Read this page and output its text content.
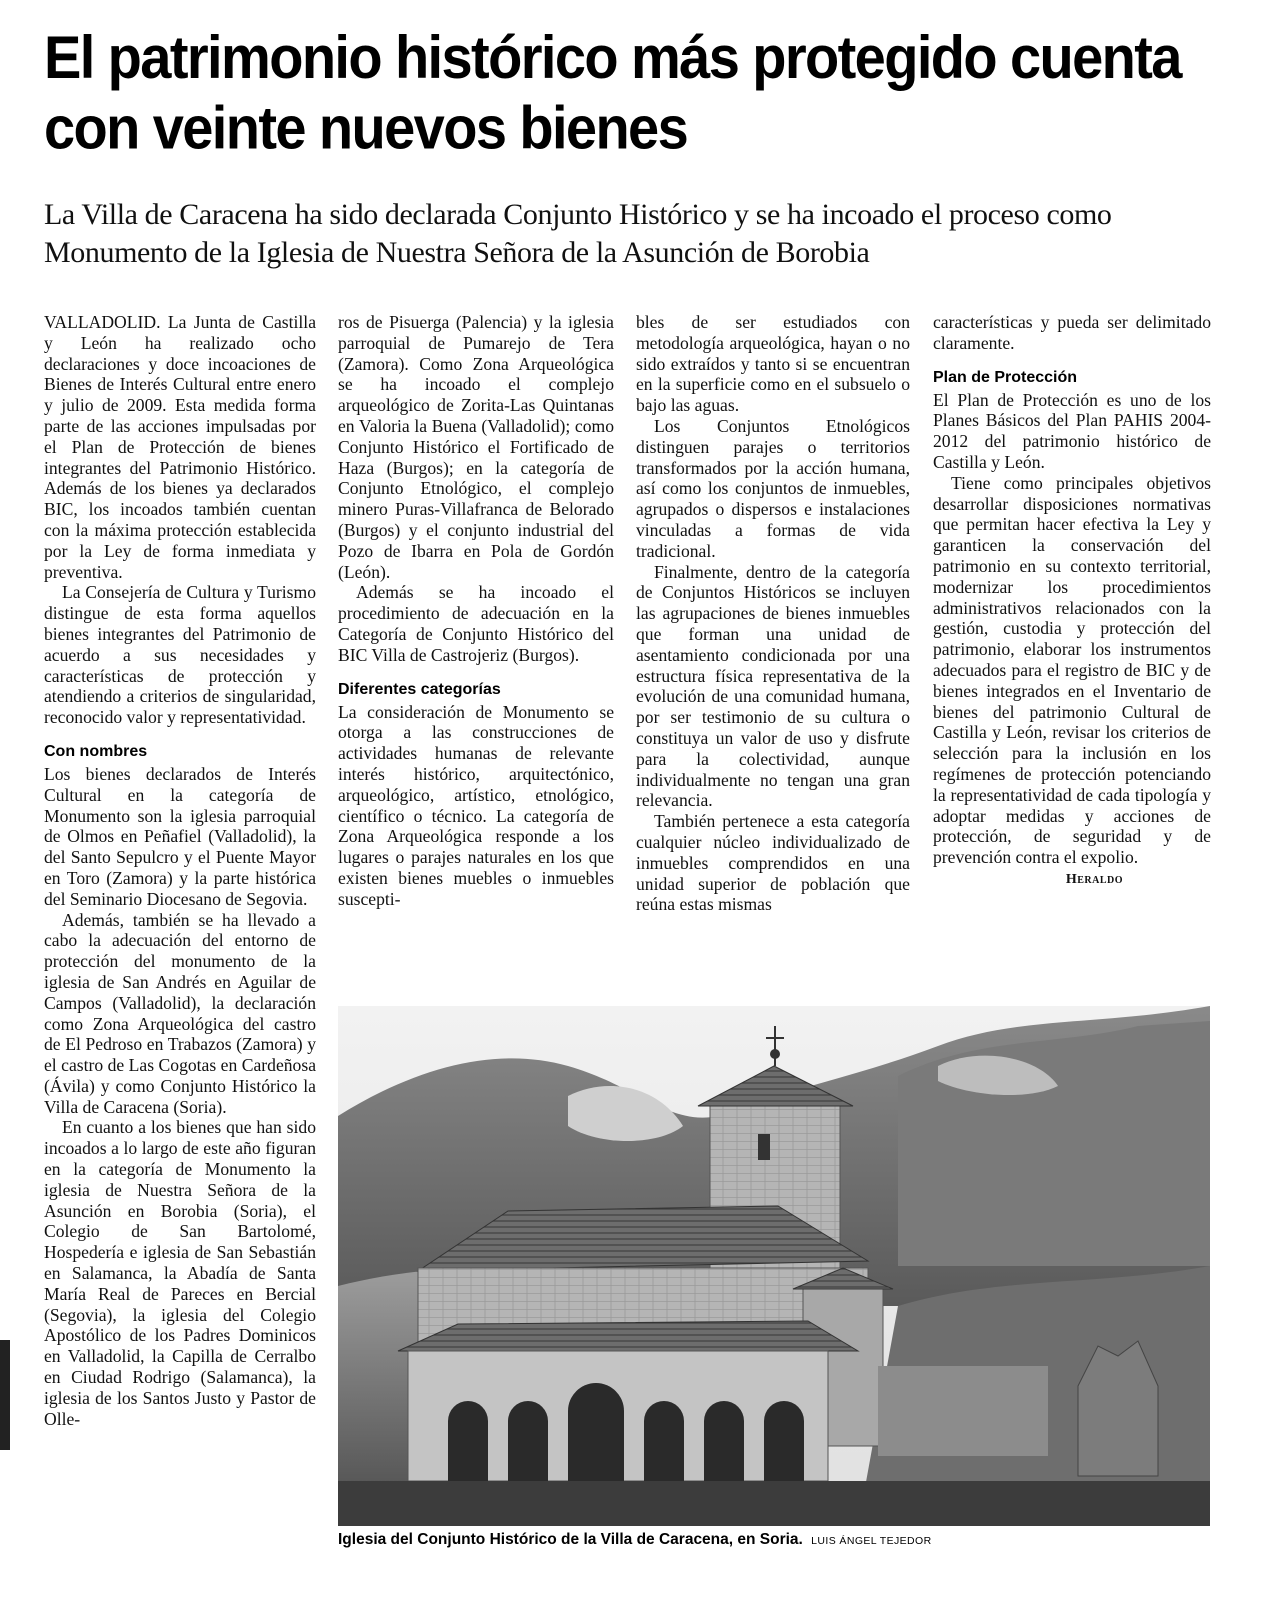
El patrimonio histórico más protegido cuenta con veinte nuevos bienes
La Villa de Caracena ha sido declarada Conjunto Histórico y se ha incoado el proceso como Monumento de la Iglesia de Nuestra Señora de la Asunción de Borobia

VALLADOLID. La Junta de Castilla y León ha realizado ocho declaraciones y doce incoaciones de Bienes de Interés Cultural entre enero y julio de 2009. Esta medida forma parte de las acciones impulsadas por el Plan de Protección de bienes integrantes del Patrimonio Histórico. Además de los bienes ya declarados BIC, los incoados también cuentan con la máxima protección establecida por la Ley de forma inmediata y preventiva.

La Consejería de Cultura y Turismo distingue de esta forma aquellos bienes integrantes del Patrimonio de acuerdo a sus necesidades y características de protección y atendiendo a criterios de singularidad, reconocido valor y representatividad.

Con nombres

Los bienes declarados de Interés Cultural en la categoría de Monumento son la iglesia parroquial de Olmos en Peñafiel (Valladolid), la del Santo Sepulcro y el Puente Mayor en Toro (Zamora) y la parte histórica del Seminario Diocesano de Segovia.

Además, también se ha llevado a cabo la adecuación del entorno de protección del monumento de la iglesia de San Andrés en Aguilar de Campos (Valladolid), la declaración como Zona Arqueológica del castro de El Pedroso en Trabazos (Zamora) y el castro de Las Cogotas en Cardeñosa (Ávila) y como Conjunto Histórico la Villa de Caracena (Soria).

En cuanto a los bienes que han sido incoados a lo largo de este año figuran en la categoría de Monumento la iglesia de Nuestra Señora de la Asunción en Borobia (Soria), el Colegio de San Bartolomé, Hospedería e iglesia de San Sebastián en Salamanca, la Abadía de Santa María Real de Pareces en Bercial (Segovia), la iglesia del Colegio Apostólico de los Padres Dominicos en Valladolid, la Capilla de Cerralbo en Ciudad Rodrigo (Salamanca), la iglesia de los Santos Justo y Pastor de Olle-

ros de Pisuerga (Palencia) y la iglesia parroquial de Pumarejo de Tera (Zamora). Como Zona Arqueológica se ha incoado el complejo arqueológico de Zorita-Las Quintanas en Valoria la Buena (Valladolid); como Conjunto Histórico el Fortificado de Haza (Burgos); en la categoría de Conjunto Etnológico, el complejo minero Puras-Villafranca de Belorado (Burgos) y el conjunto industrial del Pozo de Ibarra en Pola de Gordón (León).

Además se ha incoado el procedimiento de adecuación en la Categoría de Conjunto Histórico del BIC Villa de Castrojeriz (Burgos).

Diferentes categorías

La consideración de Monumento se otorga a las construcciones de actividades humanas de relevante interés histórico, arquitectónico, arqueológico, artístico, etnológico, científico o técnico. La categoría de Zona Arqueológica responde a los lugares o parajes naturales en los que existen bienes muebles o inmuebles suscepti-

bles de ser estudiados con metodología arqueológica, hayan o no sido extraídos y tanto si se encuentran en la superficie como en el subsuelo o bajo las aguas.

Los Conjuntos Etnológicos distinguen parajes o territorios transformados por la acción humana, así como los conjuntos de inmuebles, agrupados o dispersos e instalaciones vinculadas a formas de vida tradicional.

Finalmente, dentro de la categoría de Conjuntos Históricos se incluyen las agrupaciones de bienes inmuebles que forman una unidad de asentamiento condicionada por una estructura física representativa de la evolución de una comunidad humana, por ser testimonio de su cultura o constituya un valor de uso y disfrute para la colectividad, aunque individualmente no tengan una gran relevancia.

También pertenece a esta categoría cualquier núcleo individualizado de inmuebles comprendidos en una unidad superior de población que reúna estas mismas

características y pueda ser delimitado claramente.

Plan de Protección

El Plan de Protección es uno de los Planes Básicos del Plan PAHIS 2004-2012 del patrimonio histórico de Castilla y León.

Tiene como principales objetivos desarrollar disposiciones normativas que permitan hacer efectiva la Ley y garanticen la conservación del patrimonio en su contexto territorial, modernizar los procedimientos administrativos relacionados con la gestión, custodia y protección del patrimonio, elaborar los instrumentos adecuados para el registro de BIC y de bienes integrados en el Inventario de bienes del patrimonio Cultural de Castilla y León, revisar los criterios de selección para la inclusión en los regímenes de protección potenciando la representatividad de cada tipología y adoptar medidas y acciones de protección, de seguridad y de prevención contra el expolio.

Heraldo
Iglesia del Conjunto Histórico de la Villa de Caracena, en Soria. LUIS ÁNGEL TEJEDOR
